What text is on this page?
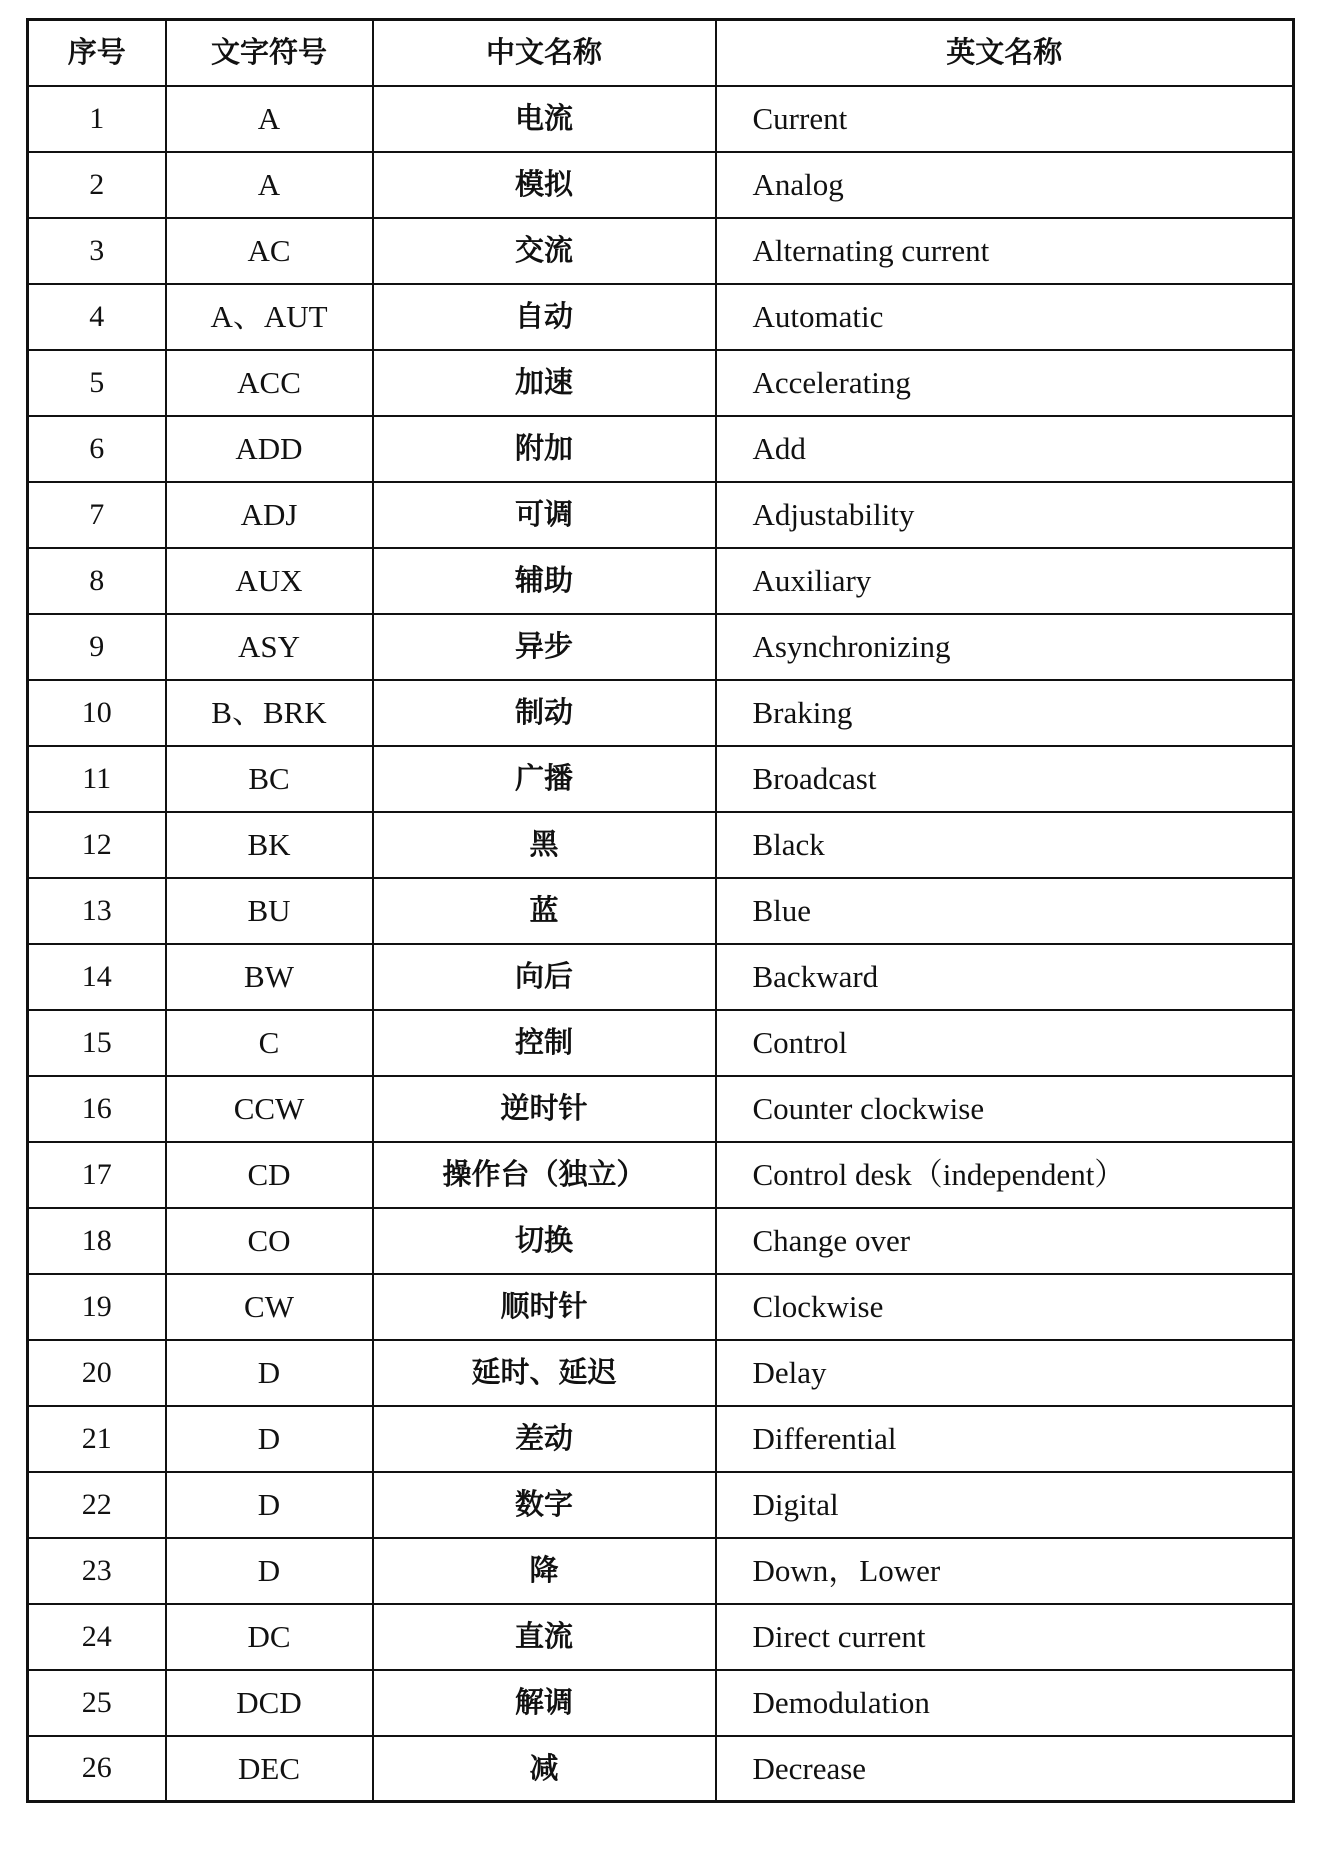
序号	文字符号	中文名称	英文名称
1	A	电流	Current
2	A	模拟	Analog
3	AC	交流	Alternating current
4	A、AUT	自动	Automatic
5	ACC	加速	Accelerating
6	ADD	附加	Add
7	ADJ	可调	Adjustability
8	AUX	辅助	Auxiliary
9	ASY	异步	Asynchronizing
10	B、BRK	制动	Braking
11	BC	广播	Broadcast
12	BK	黑	Black
13	BU	蓝	Blue
14	BW	向后	Backward
15	C	控制	Control
16	CCW	逆时针	Counter clockwise
17	CD	操作台（独立）	Control desk（independent）
18	CO	切换	Change over
19	CW	顺时针	Clockwise
20	D	延时、延迟	Delay
21	D	差动	Differential
22	D	数字	Digital
23	D	降	Down，Lower
24	DC	直流	Direct current
25	DCD	解调	Demodulation
26	DEC	减	Decrease
